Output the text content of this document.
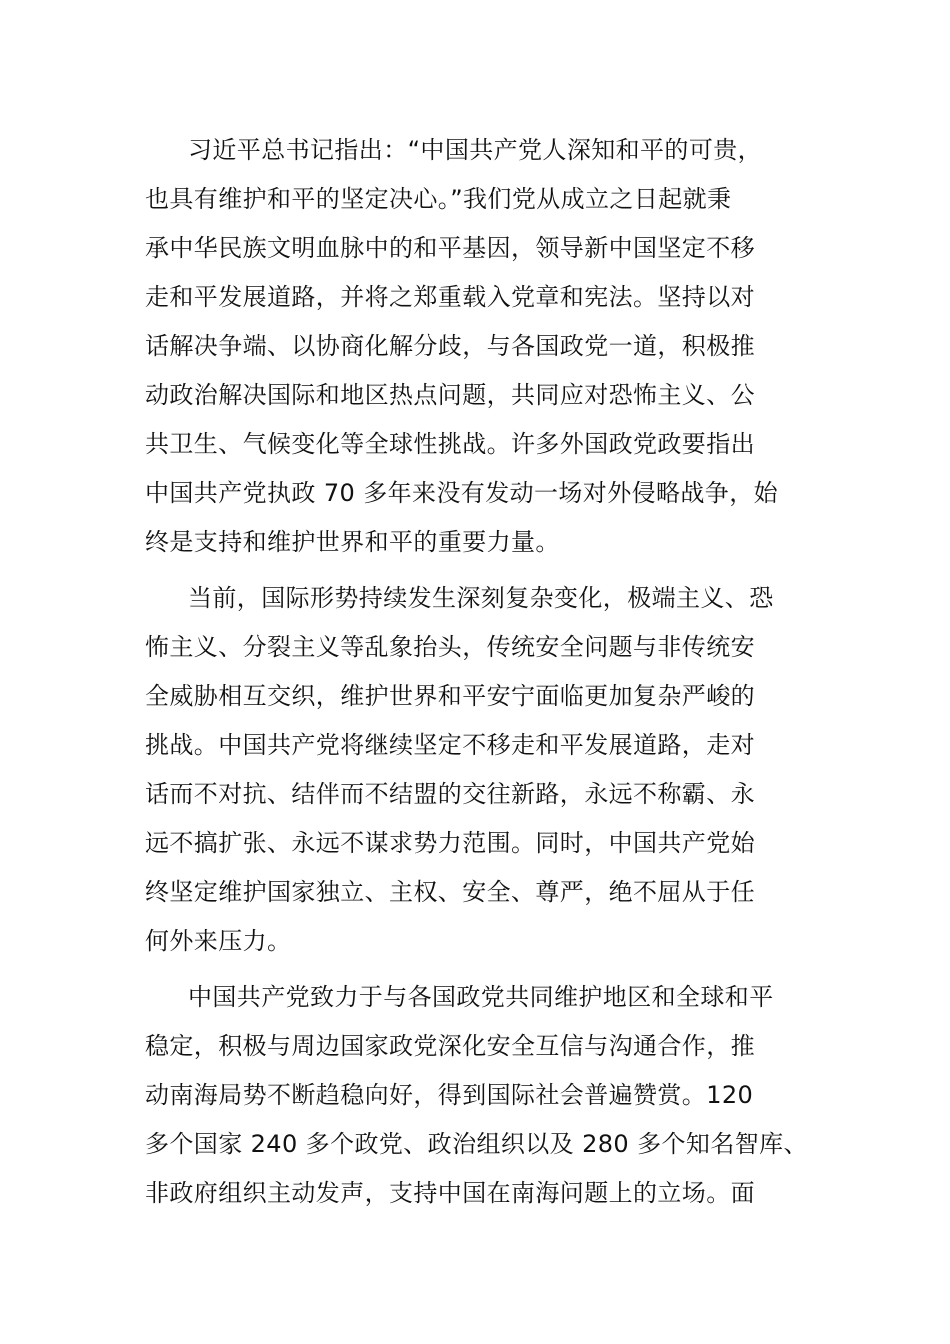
习近平总书记指出：“中国共产党人深知和平的可贵，
也具有维护和平的坚定决心。”我们党从成立之日起就秉
承中华民族文明血脉中的和平基因，领导新中国坚定不移
走和平发展道路，并将之郑重载入党章和宪法。坚持以对
话解决争端、以协商化解分歧，与各国政党一道，积极推
动政治解决国际和地区热点问题，共同应对恐怖主义、公
共卫生、气候变化等全球性挑战。许多外国政党政要指出
中国共产党执政 70 多年来没有发动一场对外侵略战争，始
终是支持和维护世界和平的重要力量。
当前，国际形势持续发生深刻复杂变化，极端主义、恐
怖主义、分裂主义等乱象抬头，传统安全问题与非传统安
全威胁相互交织，维护世界和平安宁面临更加复杂严峻的
挑战。中国共产党将继续坚定不移走和平发展道路，走对
话而不对抗、结伴而不结盟的交往新路，永远不称霸、永
远不搞扩张、永远不谋求势力范围。同时，中国共产党始
终坚定维护国家独立、主权、安全、尊严，绝不屈从于任
何外来压力。
中国共产党致力于与各国政党共同维护地区和全球和平
稳定，积极与周边国家政党深化安全互信与沟通合作，推
动南海局势不断趋稳向好，得到国际社会普遍赞赏。120
多个国家 240 多个政党、政治组织以及 280 多个知名智库、
非政府组织主动发声，支持中国在南海问题上的立场。面
